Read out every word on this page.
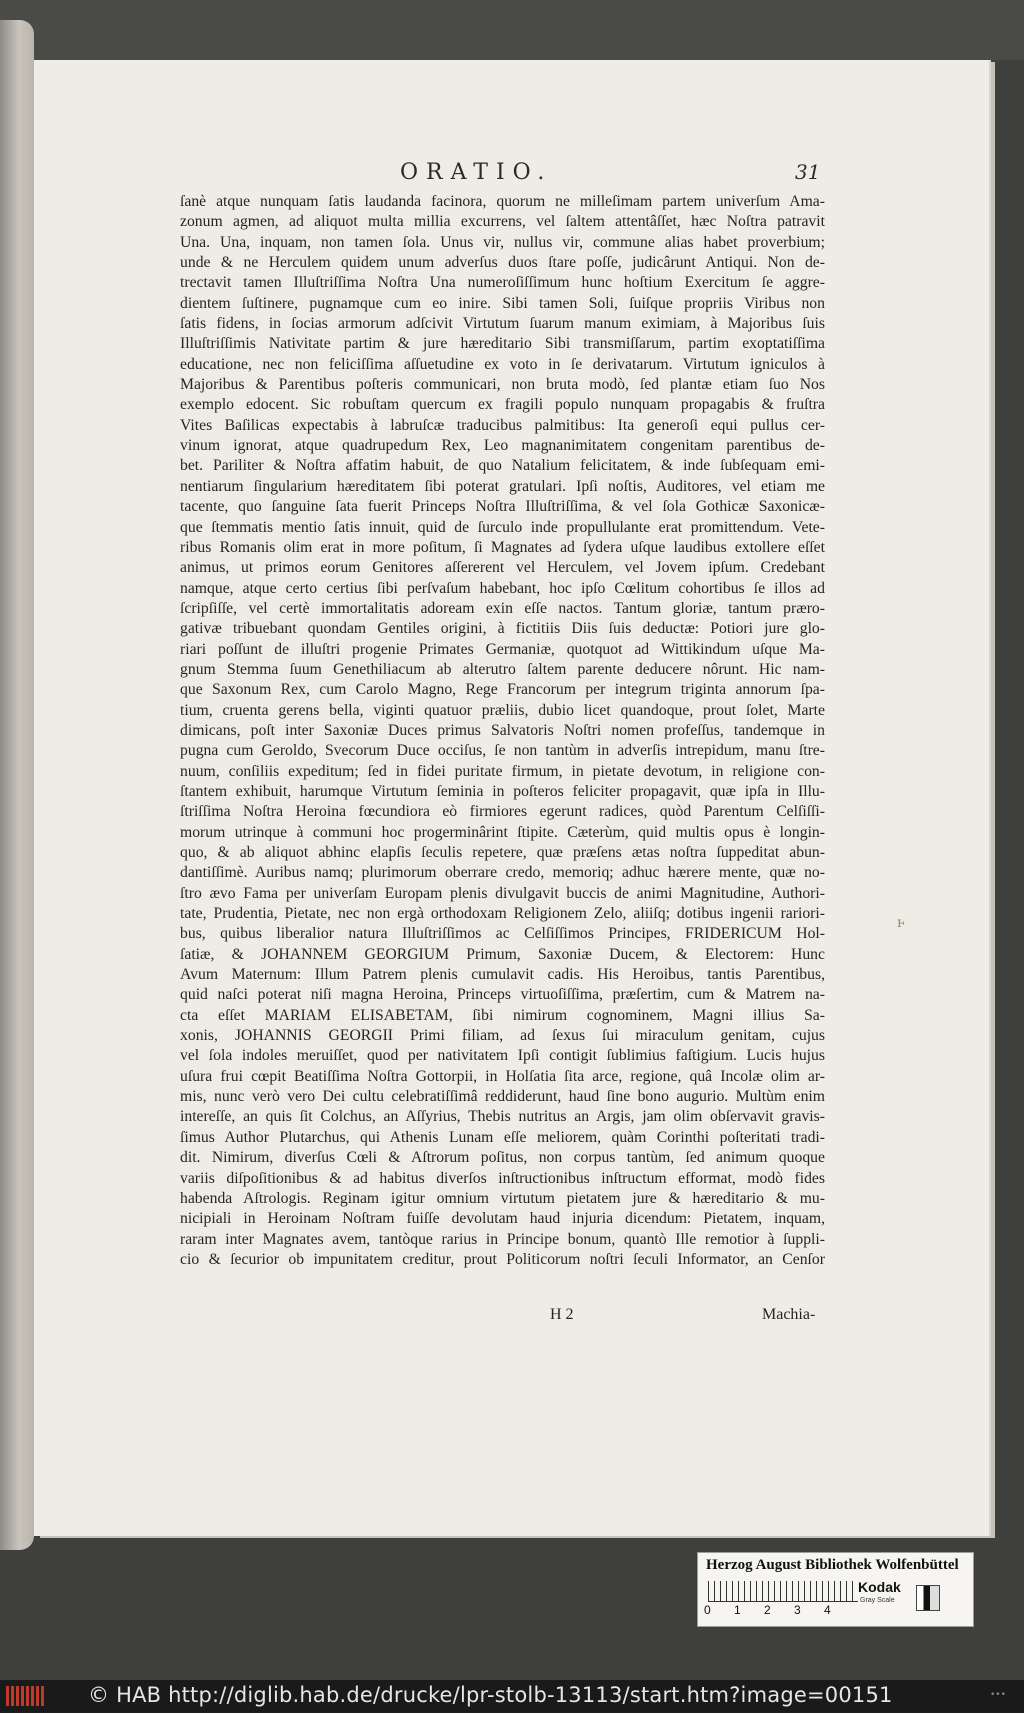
ORATIO.	31
ſanè atque nunquam ſatis laudanda facinora, quorum ne milleſimam partem univerſum Ama-
zonum agmen, ad aliquot multa millia excurrens, vel ſaltem attentâſſet, hæc Noſtra patravit
Una. Una, inquam, non tamen ſola. Unus vir, nullus vir, commune alias habet proverbium;
unde & ne Herculem quidem unum adverſus duos ſtare poſſe, judicârunt Antiqui. Non de-
trectavit tamen Illuſtriſſima Noſtra Una numeroſiſſimum hunc hoſtium Exercitum ſe aggre-
dientem ſuſtinere, pugnamque cum eo inire. Sibi tamen Soli, ſuiſque propriis Viribus non
ſatis fidens, in ſocias armorum adſcivit Virtutum ſuarum manum eximiam, à Majoribus ſuis
Illuſtriſſimis Nativitate partim & jure hæreditario Sibi transmiſſarum, partim exoptatiſſima
educatione, nec non feliciſſima aſſuetudine ex voto in ſe derivatarum. Virtutum igniculos à
Majoribus & Parentibus poſteris communicari, non bruta modò, ſed plantæ etiam ſuo Nos
exemplo edocent. Sic robuſtam quercum ex fragili populo nunquam propagabis & fruſtra
Vites Baſilicas expectabis à labruſcæ traducibus palmitibus: Ita generoſi equi pullus cer-
vinum ignorat, atque quadrupedum Rex, Leo magnanimitatem congenitam parentibus de-
bet. Pariliter & Noſtra affatim habuit, de quo Natalium felicitatem, & inde ſubſequam emi-
nentiarum ſingularium hæreditatem ſibi poterat gratulari. Ipſi noſtis, Auditores, vel etiam me
tacente, quo ſanguine ſata fuerit Princeps Noſtra Illuſtriſſima, & vel ſola Gothicæ Saxonicæ-
que ſtemmatis mentio ſatis innuit, quid de ſurculo inde propullulante erat promittendum. Vete-
ribus Romanis olim erat in more poſitum, ſi Magnates ad ſydera uſque laudibus extollere eſſet
animus, ut primos eorum Genitores aſſererent vel Herculem, vel Jovem ipſum. Credebant
namque, atque certo certius ſibi perſvaſum habebant, hoc ipſo Cœlitum cohortibus ſe illos ad
ſcripſiſſe, vel certè immortalitatis adoream exin eſſe nactos. Tantum gloriæ, tantum prærо-
gativæ tribuebant quondam Gentiles origini, à fictitiis Diis ſuis deductæ: Potiori jure glo-
riari poſſunt de illuſtri progenie Primates Germaniæ, quotquot ad Wittikindum uſque Ma-
gnum Stemma ſuum Genethiliacum ab alterutro ſaltem parente deducere nôrunt. Hic nam-
que Saxonum Rex, cum Carolo Magno, Rege Francorum per integrum triginta annorum ſpa-
tium, cruenta gerens bella, viginti quatuor præliis, dubio licet quandoque, prout ſolet, Marte
dimicans, poſt inter Saxoniæ Duces primus Salvatoris Noſtri nomen profeſſus, tandemque in
pugna cum Geroldo, Svecorum Duce occiſus, ſe non tantùm in adverſis intrepidum, manu ſtre-
nuum, conſiliis expeditum; ſed in fidei puritate firmum, in pietate devotum, in religione con-
ſtantem exhibuit, harumque Virtutum ſeminia in poſteros feliciter propagavit, quæ ipſa in Illu-
ſtriſſima Noſtra Heroina fœcundiora eò firmiores egerunt radices, quòd Parentum Celſiſſi-
morum utrinque à communi hoc progerminârint ſtipite. Cæterùm, quid multis opus è longin-
quo, & ab aliquot abhinc elapſis ſeculis repetere, quæ præſens ætas noſtra ſuppeditat abun-
dantiſſimè. Auribus namq; plurimorum oberrare credo, memoriq; adhuc hærere mente, quæ no-
ſtro ævo Fama per univerſam Europam plenis divulgavit buccis de animi Magnitudine, Authori-
tate, Prudentia, Pietate, nec non ergà orthodoxam Religionem Zelo, aliiſq; dotibus ingenii rariori-
bus, quibus liberalior natura Illuſtriſſimos ac Celſiſſimos Principes, FRIDERICUM Hol-
ſatiæ, & JOHANNEM GEORGIUM Primum, Saxoniæ Ducem, & Electorem: Hunc
Avum Maternum: Illum Patrem plenis cumulavit cadis. His Heroibus, tantis Parentibus,
quid naſci poterat niſi magna Heroina, Princeps virtuoſiſſima, præſertim, cum & Matrem na-
cta eſſet MARIAM ELISABETAM, ſibi nimirum cognominem, Magni illius Sa-
xonis, JOHANNIS GEORGII Primi filiam, ad ſexus ſui miraculum genitam, cujus
vel ſola indoles meruiſſet, quod per nativitatem Ipſi contigit ſublimius faſtigium. Lucis hujus
uſura frui cœpit Beatiſſima Noſtra Gottorpii, in Holſatia ſita arce, regione, quâ Incolæ olim ar-
mis, nunc verò vero Dei cultu celebratiſſimâ reddiderunt, haud ſine bono augurio. Multùm enim
intereſſe, an quis ſit Colchus, an Aſſyrius, Thebis nutritus an Argis, jam olim obſervavit gravis-
ſimus Author Plutarchus, qui Athenis Lunam eſſe meliorem, quàm Corinthi poſteritati tradi-
dit. Nimirum, diverſus Cœli & Aſtrorum poſitus, non corpus tantùm, ſed animum quoque
variis diſpoſitionibus & ad habitus diverſos inſtructionibus inſtructum efformat, modò fides
habenda Aſtrologis. Reginam igitur omnium virtutum pietatem jure & hæreditario & mu-
nicipiali in Heroinam Noſtram fuiſſe devolutam haud injuria dicendum: Pietatem, inquam,
raram inter Magnates avem, tantòque rarius in Principe bonum, quantò Ille remotior à ſuppli-
cio & ſecurior ob impunitatem creditur, prout Politicorum noſtri ſeculi Informator, an Cenſor
H 2	Machia-
ⱶ
Herzog August Bibliothek Wolfenbüttel
0 1 2 3 4
Kodak
Gray Scale
© HAB http://diglib.hab.de/drucke/lpr-stolb-13113/start.htm?image=00151	•••
